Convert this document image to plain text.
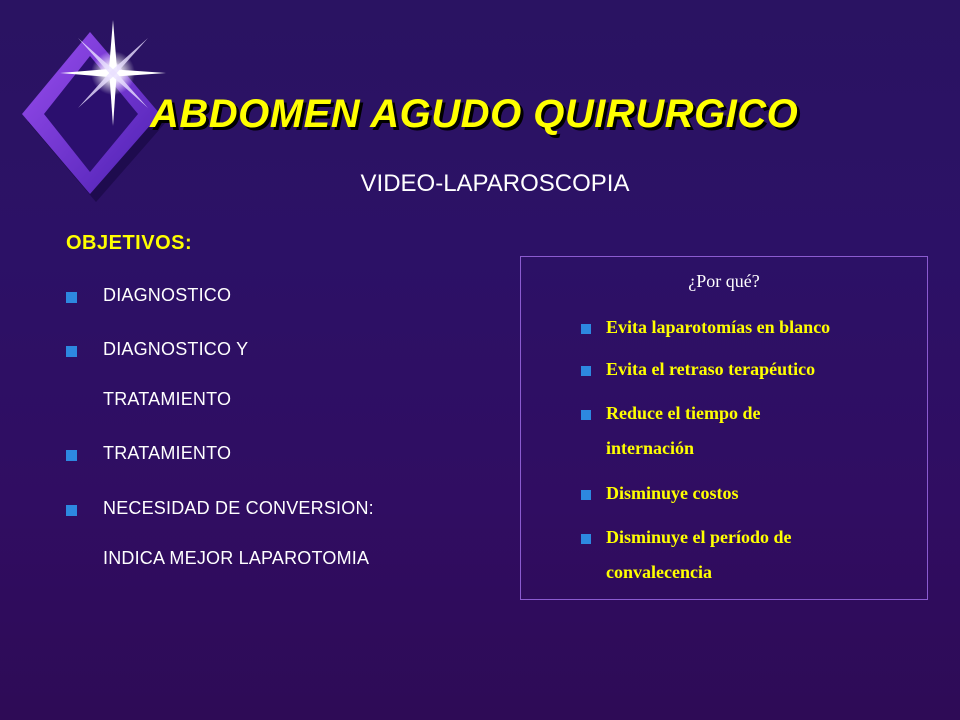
ABDOMEN AGUDO QUIRURGICO
VIDEO-LAPAROSCOPIA
OBJETIVOS:
DIAGNOSTICO
DIAGNOSTICO Y
TRATAMIENTO
TRATAMIENTO
NECESIDAD DE CONVERSION:
INDICA MEJOR LAPAROTOMIA
¿Por qué?
Evita laparotomías en blanco
Evita el retraso terapéutico
Reduce el tiempo de
internación
Disminuye costos
Disminuye el período de
convalecencia
